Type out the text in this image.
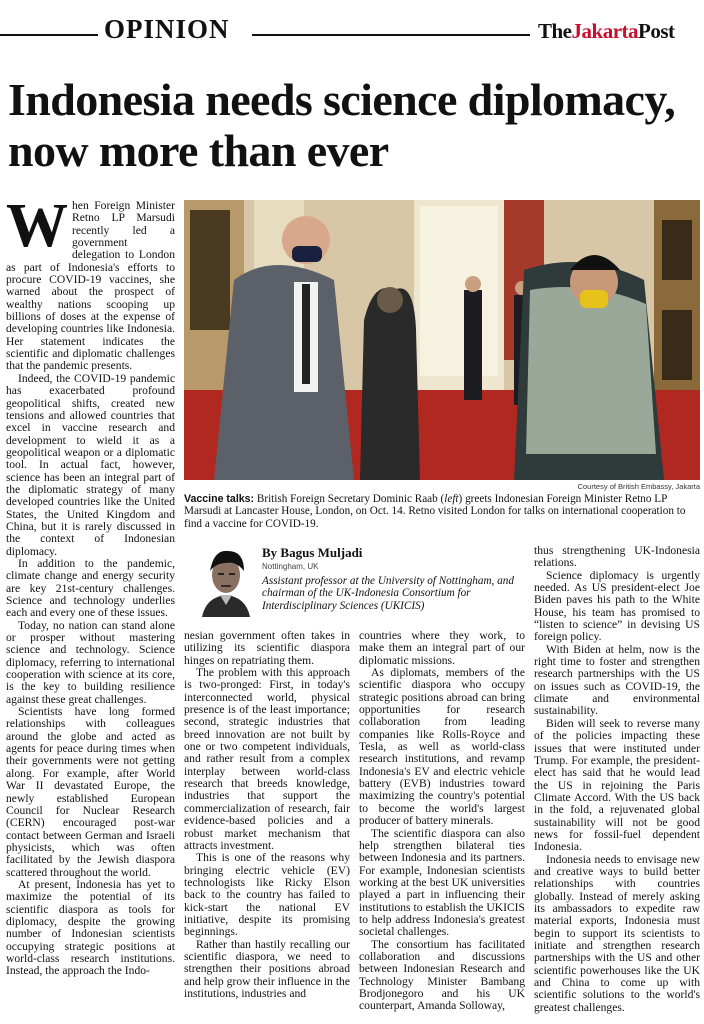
OPINION	TheJakartaPost
Indonesia needs science diplomacy, now more than ever

When Foreign Minister Retno LP Marsudi recently led a government delegation to London as part of Indonesia's efforts to procure COVID-19 vaccines, she warned about the prospect of wealthy nations scooping up billions of doses at the expense of developing countries like Indonesia. Her statement indicates the scientific and diplomatic challenges that the pandemic presents.

Indeed, the COVID-19 pandemic has exacerbated profound geopolitical shifts, created new tensions and allowed countries that excel in vaccine research and development to wield it as a geopolitical weapon or a diplomatic tool. In actual fact, however, science has been an integral part of the diplomatic strategy of many developed countries like the United States, the United Kingdom and China, but it is rarely discussed in the context of Indonesian diplomacy.

In addition to the pandemic, climate change and energy security are key 21st-century challenges. Science and technology underlies each and every one of these issues.

Today, no nation can stand alone or prosper without mastering science and technology. Science diplomacy, referring to international cooperation with science at its core, is the key to building resilience against these great challenges.

Scientists have long formed relationships with colleagues around the globe and acted as agents for peace during times when their governments were not getting along. For example, after World War II devastated Europe, the newly established European Council for Nuclear Research (CERN) encouraged post-war contact between German and Israeli physicists, which was often facilitated by the Jewish diaspora scattered throughout the world.

At present, Indonesia has yet to maximize the potential of its scientific diaspora as tools for diplomacy, despite the growing number of Indonesian scientists occupying strategic positions at world-class research institutions. Instead, the approach the Indo-

Courtesy of British Embassy, Jakarta
Vaccine talks: British Foreign Secretary Dominic Raab (left) greets Indonesian Foreign Minister Retno LP Marsudi at Lancaster House, London, on Oct. 14. Retno visited London for talks on international cooperation to find a vaccine for COVID-19.
By Bagus Muljadi
Nottingham, UK
Assistant professor at the University of Nottingham, and chairman of the UK-Indonesia Consortium for Interdisciplinary Sciences (UKICIS)

nesian government often takes in utilizing its scientific diaspora hinges on repatriating them.

The problem with this approach is two-pronged: First, in today's interconnected world, physical presence is of the least importance; second, strategic industries that breed innovation are not built by one or two competent individuals, and rather result from a complex interplay between world-class research that breeds knowledge, industries that support the commercialization of research, fair evidence-based policies and a robust market mechanism that attracts investment.

This is one of the reasons why bringing electric vehicle (EV) technologists like Ricky Elson back to the country has failed to kick-start the national EV initiative, despite its promising beginnings.

Rather than hastily recalling our scientific diaspora, we need to strengthen their positions abroad and help grow their influence in the institutions, industries and

countries where they work, to make them an integral part of our diplomatic missions.

As diplomats, members of the scientific diaspora who occupy strategic positions abroad can bring opportunities for research collaboration from leading companies like Rolls-Royce and Tesla, as well as world-class research institutions, and revamp Indonesia's EV and electric vehicle battery (EVB) industries toward maximizing the country's potential to become the world's largest producer of battery minerals.

The scientific diaspora can also help strengthen bilateral ties between Indonesia and its partners. For example, Indonesian scientists working at the best UK universities played a part in influencing their institutions to establish the UKICIS to help address Indonesia's greatest societal challenges.

The consortium has facilitated collaboration and discussions between Indonesian Research and Technology Minister Bambang Brodjonegoro and his UK counterpart, Amanda Solloway,

thus strengthening UK-Indonesia relations.

Science diplomacy is urgently needed. As US president-elect Joe Biden paves his path to the White House, his team has promised to “listen to science” in devising US foreign policy.

With Biden at helm, now is the right time to foster and strengthen research partnerships with the US on issues such as COVID-19, the climate and environmental sustainability.

Biden will seek to reverse many of the policies impacting these issues that were instituted under Trump. For example, the president-elect has said that he would lead the US in rejoining the Paris Climate Accord. With the US back in the fold, a rejuvenated global sustainability will not be good news for fossil-fuel dependent Indonesia.

Indonesia needs to envisage new and creative ways to build better relationships with countries globally. Instead of merely asking its ambassadors to expedite raw material exports, Indonesia must begin to support its scientists to initiate and strengthen research partnerships with the US and other scientific powerhouses like the UK and China to come up with scientific solutions to the world's greatest challenges.
